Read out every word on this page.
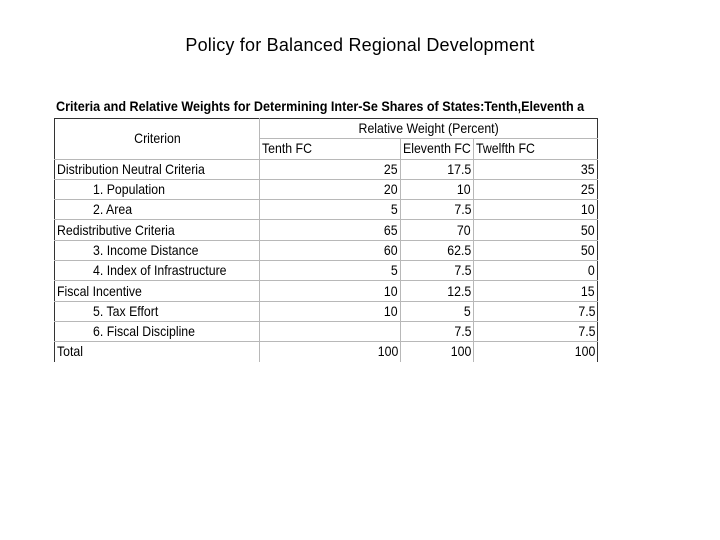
Policy for Balanced Regional Development
Criteria and Relative Weights for Determining Inter-Se Shares of States:Tenth,Eleventh a
Criterion	Relative Weight (Percent)		
	Tenth FC	Eleventh FC	Twelfth FC
Distribution Neutral Criteria	25	17.5	35
1. Population	20	10	25
2. Area	5	7.5	10
Redistributive Criteria	65	70	50
3. Income Distance	60	62.5	50
4. Index of Infrastructure	5	7.5	0
Fiscal Incentive	10	12.5	15
5. Tax Effort	10	5	7.5
6. Fiscal Discipline		7.5	7.5
Total	100	100	100
